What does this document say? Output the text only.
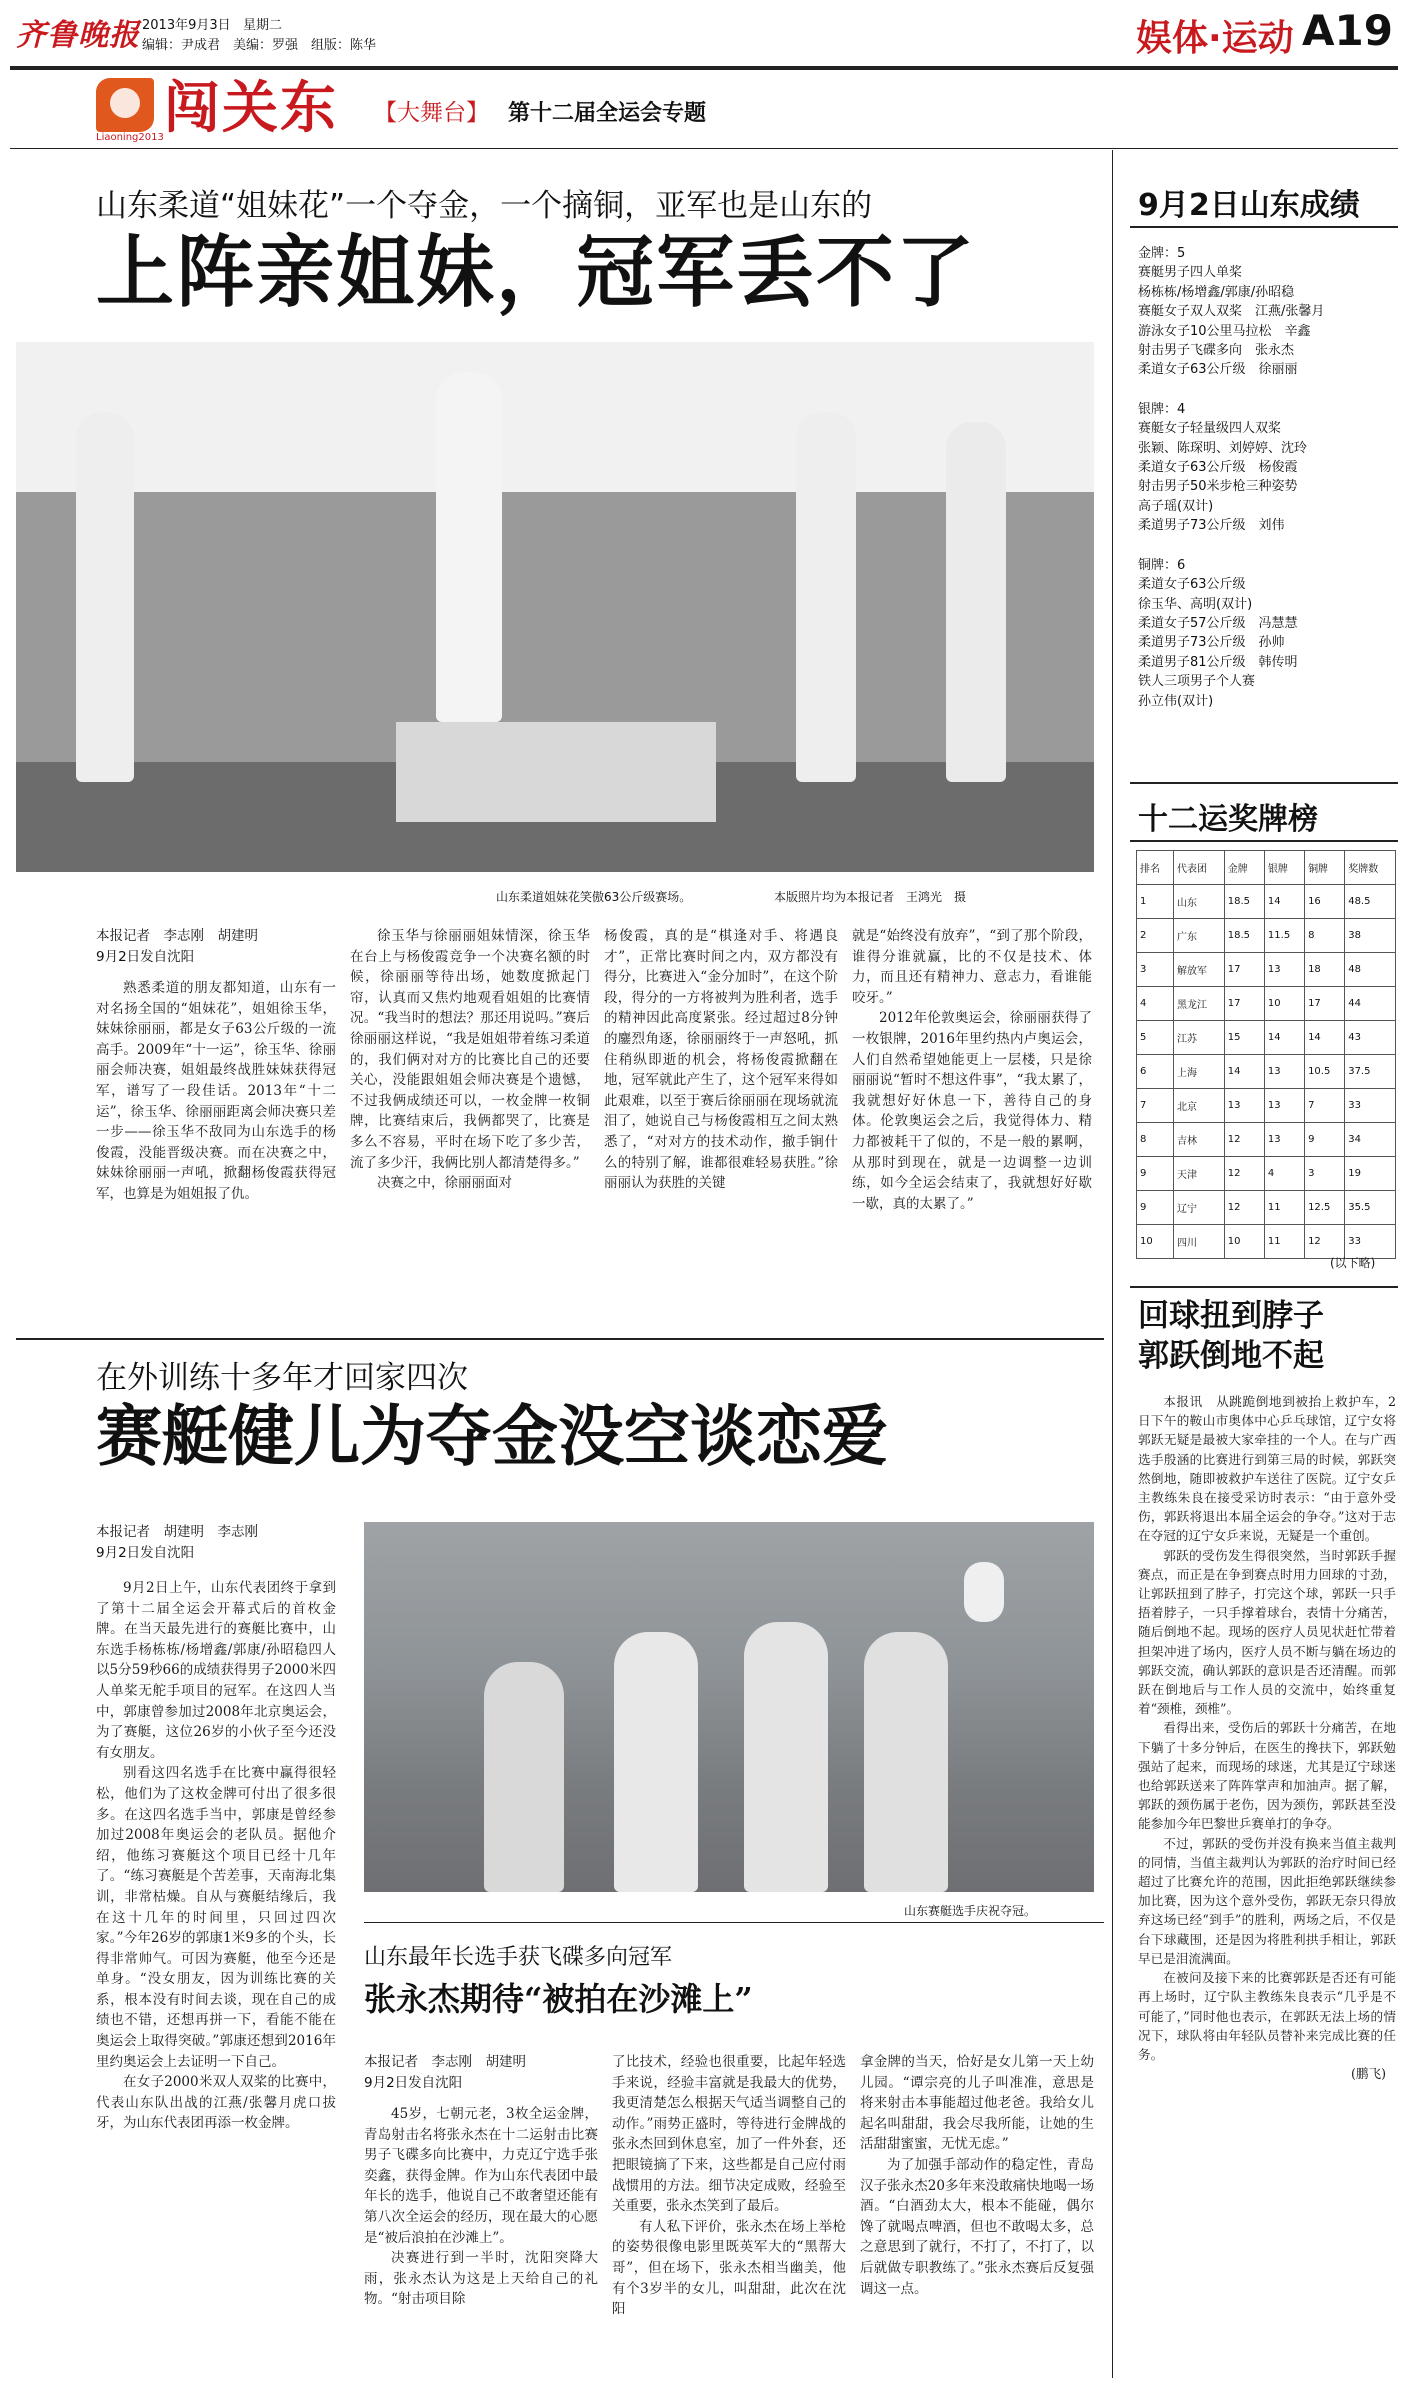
齐鲁晚报 2013年9月3日 星期二
编辑：尹成君　美编：罗强　组版：陈华	娱体·运动 A19
Liaoning2013 闯关东 【大舞台】 第十二届全运会专题
山东柔道“姐妹花”一个夺金，一个摘铜，亚军也是山东的
上阵亲姐妹，冠军丢不了
山东柔道姐妹花笑傲63公斤级赛场。	本版照片均为本报记者　王鸿光　摄
本报记者　李志刚　胡建明
9月2日发自沈阳

熟悉柔道的朋友都知道，山东有一对名扬全国的“姐妹花”，姐姐徐玉华，妹妹徐丽丽，都是女子63公斤级的一流高手。2009年“十一运”，徐玉华、徐丽丽会师决赛，姐姐最终战胜妹妹获得冠军，谱写了一段佳话。2013年“十二运”，徐玉华、徐丽丽距离会师决赛只差一步——徐玉华不敌同为山东选手的杨俊霞，没能晋级决赛。而在决赛之中，妹妹徐丽丽一声吼，掀翻杨俊霞获得冠军，也算是为姐姐报了仇。

徐玉华与徐丽丽姐妹情深，徐玉华在台上与杨俊霞竞争一个决赛名额的时候，徐丽丽等待出场，她数度掀起门帘，认真而又焦灼地观看姐姐的比赛情况。“我当时的想法？那还用说吗。”赛后徐丽丽这样说，“我是姐姐带着练习柔道的，我们俩对对方的比赛比自己的还要关心，没能跟姐姐会师决赛是个遗憾，不过我俩成绩还可以，一枚金牌一枚铜牌，比赛结束后，我俩都哭了，比赛是多么不容易，平时在场下吃了多少苦，流了多少汗，我俩比别人都清楚得多。”

决赛之中，徐丽丽面对

杨俊霞，真的是“棋逢对手、将遇良才”，正常比赛时间之内，双方都没有得分，比赛进入“金分加时”，在这个阶段，得分的一方将被判为胜利者，选手的精神因此高度紧张。经过超过8分钟的鏖烈角逐，徐丽丽终于一声怒吼，抓住稍纵即逝的机会，将杨俊霞掀翻在地，冠军就此产生了，这个冠军来得如此艰难，以至于赛后徐丽丽在现场就流泪了，她说自己与杨俊霞相互之间太熟悉了，“对对方的技术动作，撤手锏什么的特别了解，谁都很难轻易获胜。”徐丽丽认为获胜的关键

就是“始终没有放弃”，“到了那个阶段，谁得分谁就赢，比的不仅是技术、体力，而且还有精神力、意志力，看谁能咬牙。”

2012年伦敦奥运会，徐丽丽获得了一枚银牌，2016年里约热内卢奥运会，人们自然希望她能更上一层楼，只是徐丽丽说“暂时不想这件事”，“我太累了，我就想好好休息一下，善待自己的身体。伦敦奥运会之后，我觉得体力、精力都被耗干了似的，不是一般的累啊，从那时到现在，就是一边调整一边训练，如今全运会结束了，我就想好好歇一歇，真的太累了。”

9月2日山东成绩
金牌：5
赛艇男子四人单桨
杨栋栋/杨增鑫/郭康/孙昭稳
赛艇女子双人双桨　江燕/张馨月
游泳女子10公里马拉松　辛鑫
射击男子飞碟多向　张永杰
柔道女子63公斤级　徐丽丽
银牌：4
赛艇女子轻量级四人双桨
张颖、陈琛明、刘婷婷、沈玲
柔道女子63公斤级　杨俊霞
射击男子50米步枪三种姿势
高子瑶(双计)
柔道男子73公斤级　刘伟
铜牌：6
柔道女子63公斤级
徐玉华、高明(双计)
柔道女子57公斤级　冯慧慧
柔道男子73公斤级　孙帅
柔道男子81公斤级　韩传明
铁人三项男子个人赛
孙立伟(双计)
十二运奖牌榜
排名	代表团	金牌	银牌	铜牌	奖牌数
1	山东	18.5	14	16	48.5
2	广东	18.5	11.5	8	38
3	解放军	17	13	18	48
4	黑龙江	17	10	17	44
5	江苏	15	14	14	43
6	上海	14	13	10.5	37.5
7	北京	13	13	7	33
8	吉林	12	13	9	34
9	天津	12	4	3	19
9	辽宁	12	11	12.5	35.5
10	四川	10	11	12	33
(以下略)
回球扭到脖子
郭跃倒地不起

本报讯　从跳跪倒地到被抬上救护车，2日下午的鞍山市奥体中心乒乓球馆，辽宁女将郭跃无疑是最被大家牵挂的一个人。在与广西选手殷涵的比赛进行到第三局的时候，郭跃突然倒地，随即被救护车送往了医院。辽宁女乒主教练朱良在接受采访时表示：“由于意外受伤，郭跃将退出本届全运会的争夺。”这对于志在夺冠的辽宁女乒来说，无疑是一个重创。

郭跃的受伤发生得很突然，当时郭跃手握赛点，而正是在争到赛点时用力回球的寸劲，让郭跃扭到了脖子，打完这个球，郭跃一只手捂着脖子，一只手撑着球台，表情十分痛苦，随后倒地不起。现场的医疗人员见状赶忙带着担架冲进了场内，医疗人员不断与躺在场边的郭跃交流，确认郭跃的意识是否还清醒。而郭跃在倒地后与工作人员的交流中，始终重复着“颈椎，颈椎”。

看得出来，受伤后的郭跃十分痛苦，在地下躺了十多分钟后，在医生的搀扶下，郭跃勉强站了起来，而现场的球迷，尤其是辽宁球迷也给郭跃送来了阵阵掌声和加油声。据了解，郭跃的颈伤属于老伤，因为颈伤，郭跃甚至没能参加今年巴黎世乒赛单打的争夺。

不过，郭跃的受伤并没有换来当值主裁判的同情，当值主裁判认为郭跃的治疗时间已经超过了比赛允许的范围，因此拒绝郭跃继续参加比赛，因为这个意外受伤，郭跃无奈只得放弃这场已经“到手”的胜利，两场之后，不仅是台下球藏围，还是因为将胜利拱手相让，郭跃早已是泪流满面。

在被问及接下来的比赛郭跃是否还有可能再上场时，辽宁队主教练朱良表示“几乎是不可能了，”同时他也表示，在郭跃无法上场的情况下，球队将由年轻队员替补来完成比赛的任务。

(鹏飞)
在外训练十多年才回家四次
赛艇健儿为夺金没空谈恋爱
本报记者　胡建明　李志刚
9月2日发自沈阳

9月2日上午，山东代表团终于拿到了第十二届全运会开幕式后的首枚金牌。在当天最先进行的赛艇比赛中，山东选手杨栋栋/杨增鑫/郭康/孙昭稳四人以5分59秒66的成绩获得男子2000米四人单桨无舵手项目的冠军。在这四人当中，郭康曾参加过2008年北京奥运会，为了赛艇，这位26岁的小伙子至今还没有女朋友。

别看这四名选手在比赛中赢得很轻松，他们为了这枚金牌可付出了很多很多。在这四名选手当中，郭康是曾经参加过2008年奥运会的老队员。据他介绍，他练习赛艇这个项目已经十几年了。“练习赛艇是个苦差事，天南海北集训，非常枯燥。自从与赛艇结缘后，我在这十几年的时间里，只回过四次家。”今年26岁的郭康1米9多的个头，长得非常帅气。可因为赛艇，他至今还是单身。“没女朋友，因为训练比赛的关系，根本没有时间去谈，现在自己的成绩也不错，还想再拼一下，看能不能在奥运会上取得突破。”郭康还想到2016年里约奥运会上去证明一下自己。

在女子2000米双人双桨的比赛中，代表山东队出战的江燕/张馨月虎口拔牙，为山东代表团再添一枚金牌。

山东赛艇选手庆祝夺冠。
山东最年长选手获飞碟多向冠军
张永杰期待“被拍在沙滩上”
本报记者　李志刚　胡建明
9月2日发自沈阳

45岁，七朝元老，3枚全运金牌，青岛射击名将张永杰在十二运射击比赛男子飞碟多向比赛中，力克辽宁选手张奕鑫，获得金牌。作为山东代表团中最年长的选手，他说自己不敢奢望还能有第八次全运会的经历，现在最大的心愿是“被后浪拍在沙滩上”。

决赛进行到一半时，沈阳突降大雨，张永杰认为这是上天给自己的礼物。“射击项目除

了比技术，经验也很重要，比起年轻选手来说，经验丰富就是我最大的优势，我更清楚怎么根据天气适当调整自己的动作。”雨势正盛时，等待进行金牌战的张永杰回到休息室，加了一件外套，还把眼镜摘了下来，这些都是自己应付雨战惯用的方法。细节决定成败，经验至关重要，张永杰笑到了最后。

有人私下评价，张永杰在场上举枪的姿势很像电影里既英军大的“黑帮大哥”，但在场下，张永杰相当幽美，他有个3岁半的女儿，叫甜甜，此次在沈阳

拿金牌的当天，恰好是女儿第一天上幼儿园。“谭宗亮的儿子叫准准，意思是将来射击本事能超过他老爸。我给女儿起名叫甜甜，我会尽我所能，让她的生活甜甜蜜蜜，无忧无虑。”

为了加强手部动作的稳定性，青岛汉子张永杰20多年来没敢痛快地喝一场酒。“白酒劲太大，根本不能碰，偶尔馋了就喝点啤酒，但也不敢喝太多，总之意思到了就行，不打了，不打了，以后就做专职教练了。”张永杰赛后反复强调这一点。
